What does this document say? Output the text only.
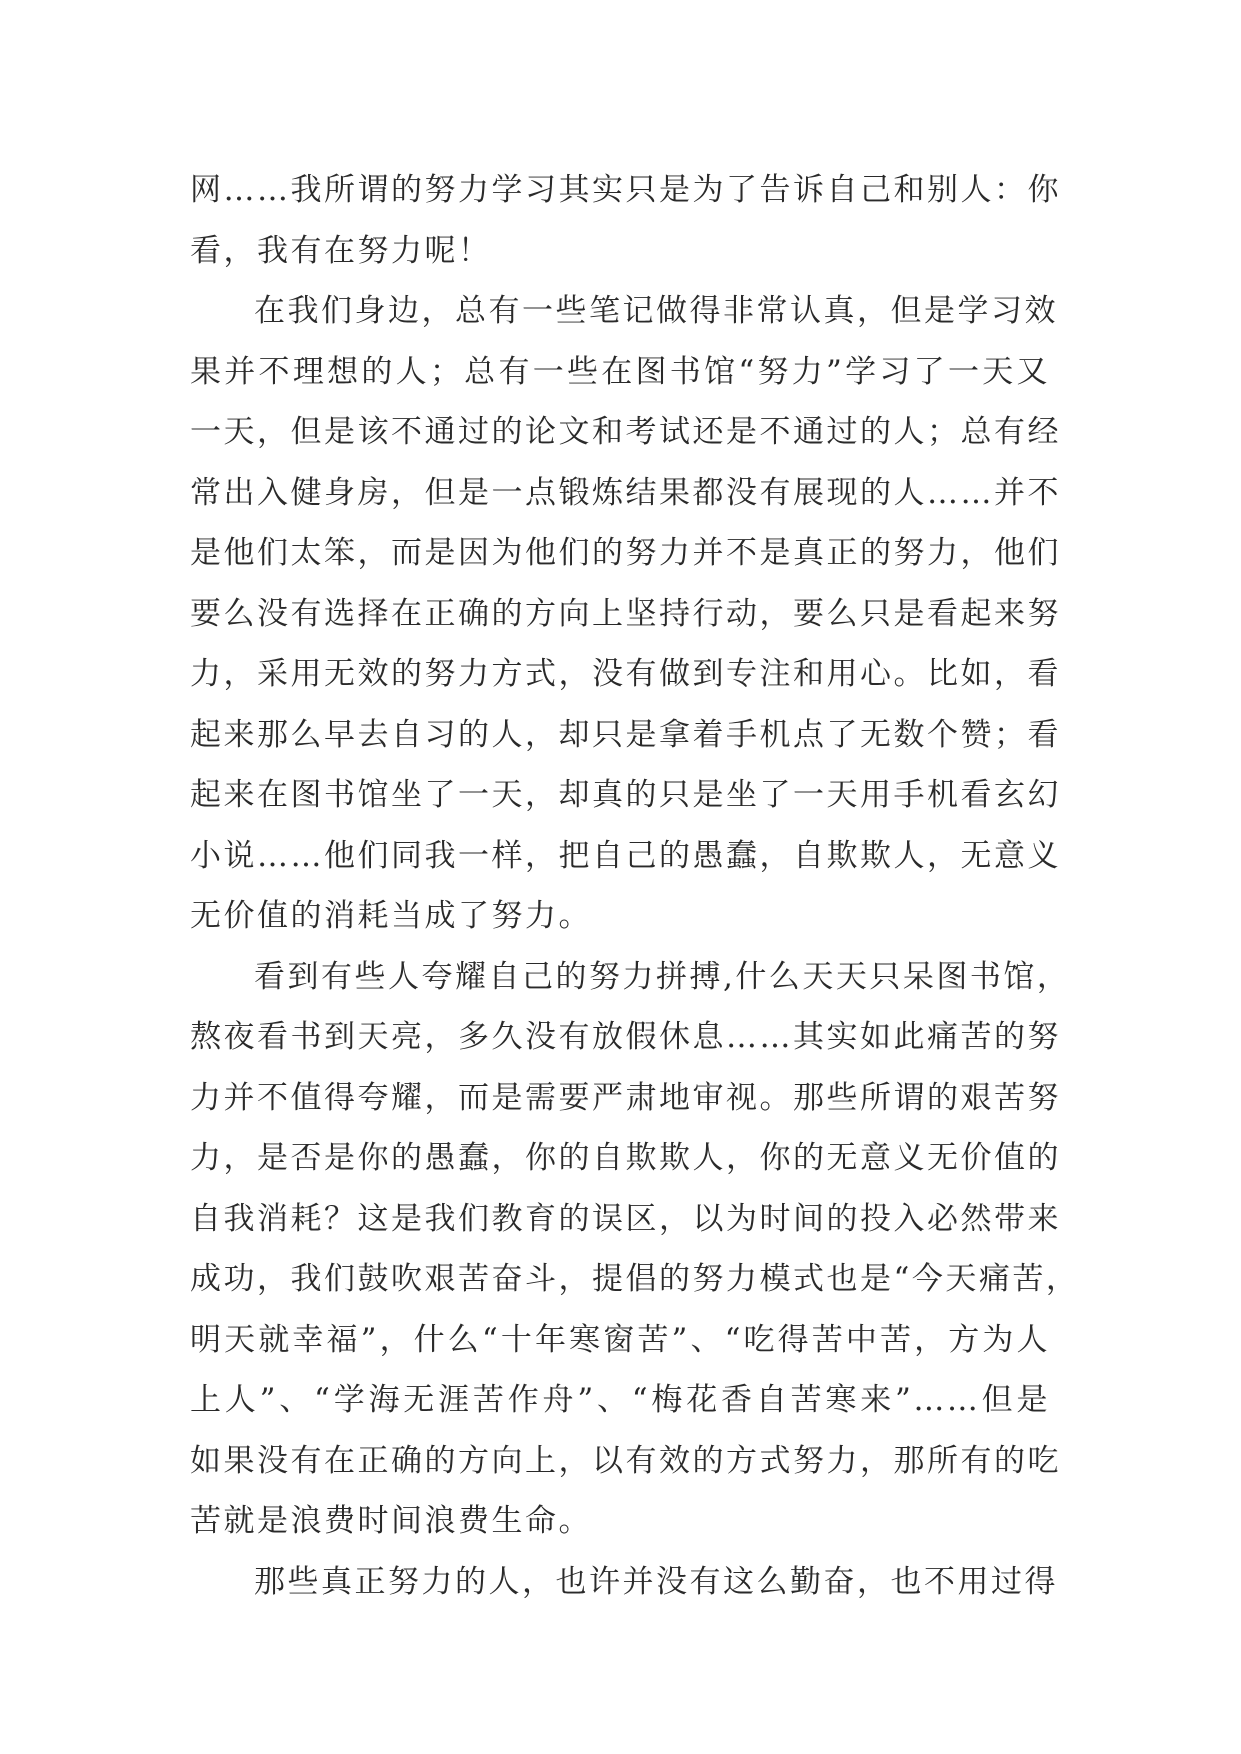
网……我所谓的努力学习其实只是为了告诉自己和别人：你
看，我有在努力呢！
在我们身边，总有一些笔记做得非常认真，但是学习效
果并不理想的人；总有一些在图书馆“努力”学习了一天又
一天，但是该不通过的论文和考试还是不通过的人；总有经
常出入健身房，但是一点锻炼结果都没有展现的人……并不
是他们太笨，而是因为他们的努力并不是真正的努力，他们
要么没有选择在正确的方向上坚持行动，要么只是看起来努
力，采用无效的努力方式，没有做到专注和用心。比如，看
起来那么早去自习的人，却只是拿着手机点了无数个赞；看
起来在图书馆坐了一天，却真的只是坐了一天用手机看玄幻
小说……他们同我一样，把自己的愚蠢，自欺欺人，无意义
无价值的消耗当成了努力。
看到有些人夸耀自己的努力拼搏,什么天天只呆图书馆，
熬夜看书到天亮，多久没有放假休息……其实如此痛苦的努
力并不值得夸耀，而是需要严肃地审视。那些所谓的艰苦努
力，是否是你的愚蠢，你的自欺欺人，你的无意义无价值的
自我消耗？这是我们教育的误区，以为时间的投入必然带来
成功，我们鼓吹艰苦奋斗，提倡的努力模式也是“今天痛苦，
明天就幸福”，什么“十年寒窗苦”、“吃得苦中苦，方为人
上人”、“学海无涯苦作舟”、“梅花香自苦寒来”……但是
如果没有在正确的方向上，以有效的方式努力，那所有的吃
苦就是浪费时间浪费生命。
那些真正努力的人，也许并没有这么勤奋，也不用过得
